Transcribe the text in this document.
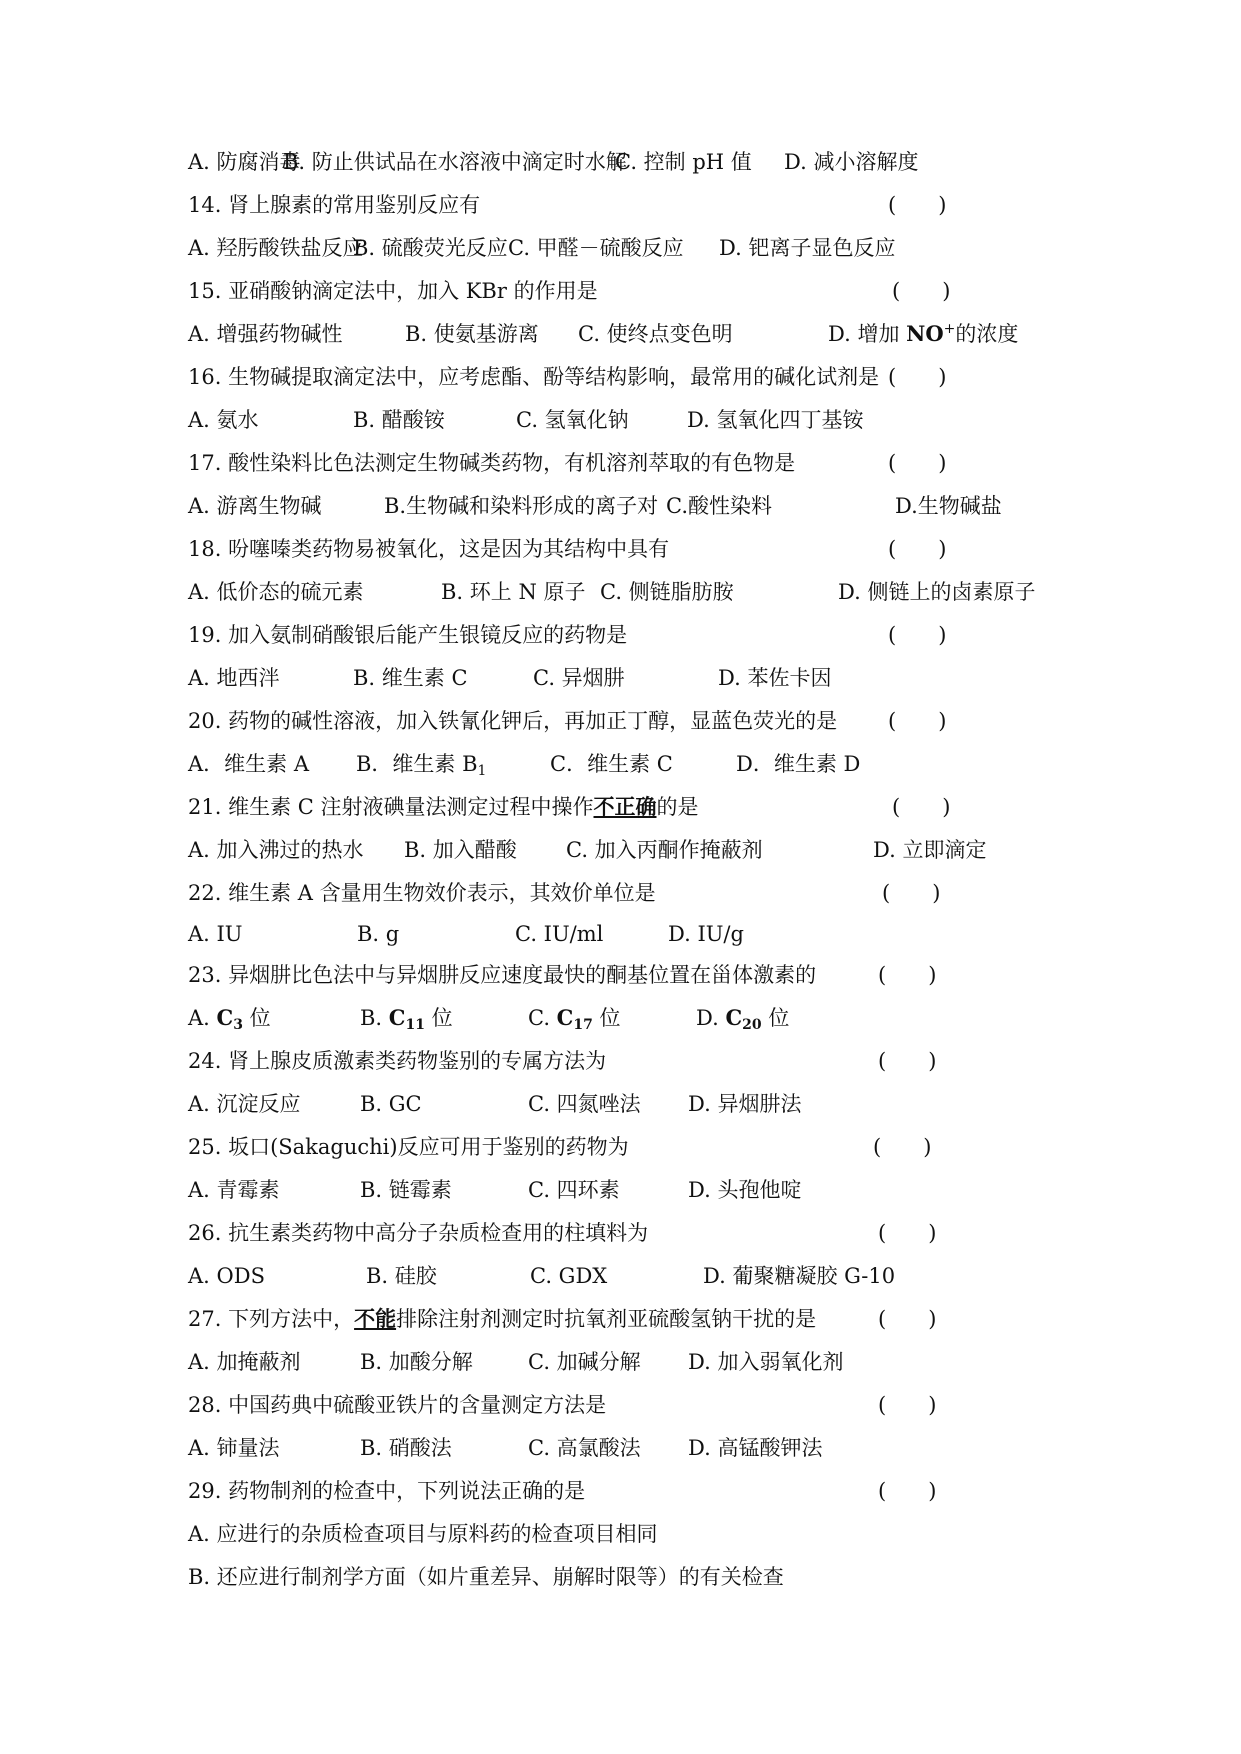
A. 防腐消毒
B. 防止供试品在水溶液中滴定时水解
C. 控制 pH 值 D. 减小溶解度
14. 肾上腺素的常用鉴别反应有	(　　)
A. 羟肟酸铁盐反应
B. 硫酸荧光反应 C. 甲醛－硫酸反应 D. 钯离子显色反应
15. 亚硝酸钠滴定法中，加入 KBr 的作用是	(　　)
A. 增强药物碱性	B. 使氨基游离 C. 使终点变色明	D. 增加 NO+的浓度
16. 生物碱提取滴定法中，应考虑酯、酚等结构影响，最常用的碱化试剂是 (　　)
A. 氨水	B. 醋酸铵	C. 氢氧化钠	D. 氢氧化四丁基铵
17. 酸性染料比色法测定生物碱类药物，有机溶剂萃取的有色物是	(　　)
A. 游离生物碱	B.生物碱和染料形成的离子对 C.酸性染料	D.生物碱盐
18. 吩噻嗪类药物易被氧化，这是因为其结构中具有	(　　)
A. 低价态的硫元素	B. 环上 N 原子 C. 侧链脂肪胺	D. 侧链上的卤素原子
19. 加入氨制硝酸银后能产生银镜反应的药物是	(　　)
A. 地西泮	B. 维生素 C	C. 异烟肼	D. 苯佐卡因
20. 药物的碱性溶液，加入铁氰化钾后，再加正丁醇，显蓝色荧光的是 (　　)
A．维生素 A B．维生素 $B_1$	C．维生素 C	D．维生素 D
21. 维生素 C 注射液碘量法测定过程中操作不正确的是	(　　)
A. 加入沸过的热水 B. 加入醋酸 C. 加入丙酮作掩蔽剂	D. 立即滴定
22. 维生素 A 含量用生物效价表示，其效价单位是	(　　)
A. IU	B. g	C. IU/ml	D. IU/g
23. 异烟肼比色法中与异烟肼反应速度最快的酮基位置在甾体激素的	(　　)
A. $C_3$ 位	B. $C_{11}$ 位	C. $C_{17}$ 位	D. $C_{20}$ 位
24. 肾上腺皮质激素类药物鉴别的专属方法为	(　　)
A. 沉淀反应	B. GC	C. 四氮唑法 D. 异烟肼法
25. 坂口(Sakaguchi)反应可用于鉴别的药物为	(　　)
A. 青霉素	B. 链霉素	C. 四环素	D. 头孢他啶
26. 抗生素类药物中高分子杂质检查用的柱填料为	(　　)
A. ODS	B. 硅胶	C. GDX	D. 葡聚糖凝胶 G-10
27. 下列方法中，不能排除注射剂测定时抗氧剂亚硫酸氢钠干扰的是	(　　)
A. 加掩蔽剂	B. 加酸分解	C. 加碱分解 D. 加入弱氧化剂
28. 中国药典中硫酸亚铁片的含量测定方法是	(　　)
A. 铈量法	B. 硝酸法	C. 高氯酸法 D. 高锰酸钾法
29. 药物制剂的检查中，下列说法正确的是	(　　)
A. 应进行的杂质检查项目与原料药的检查项目相同
B. 还应进行制剂学方面（如片重差异、崩解时限等）的有关检查
